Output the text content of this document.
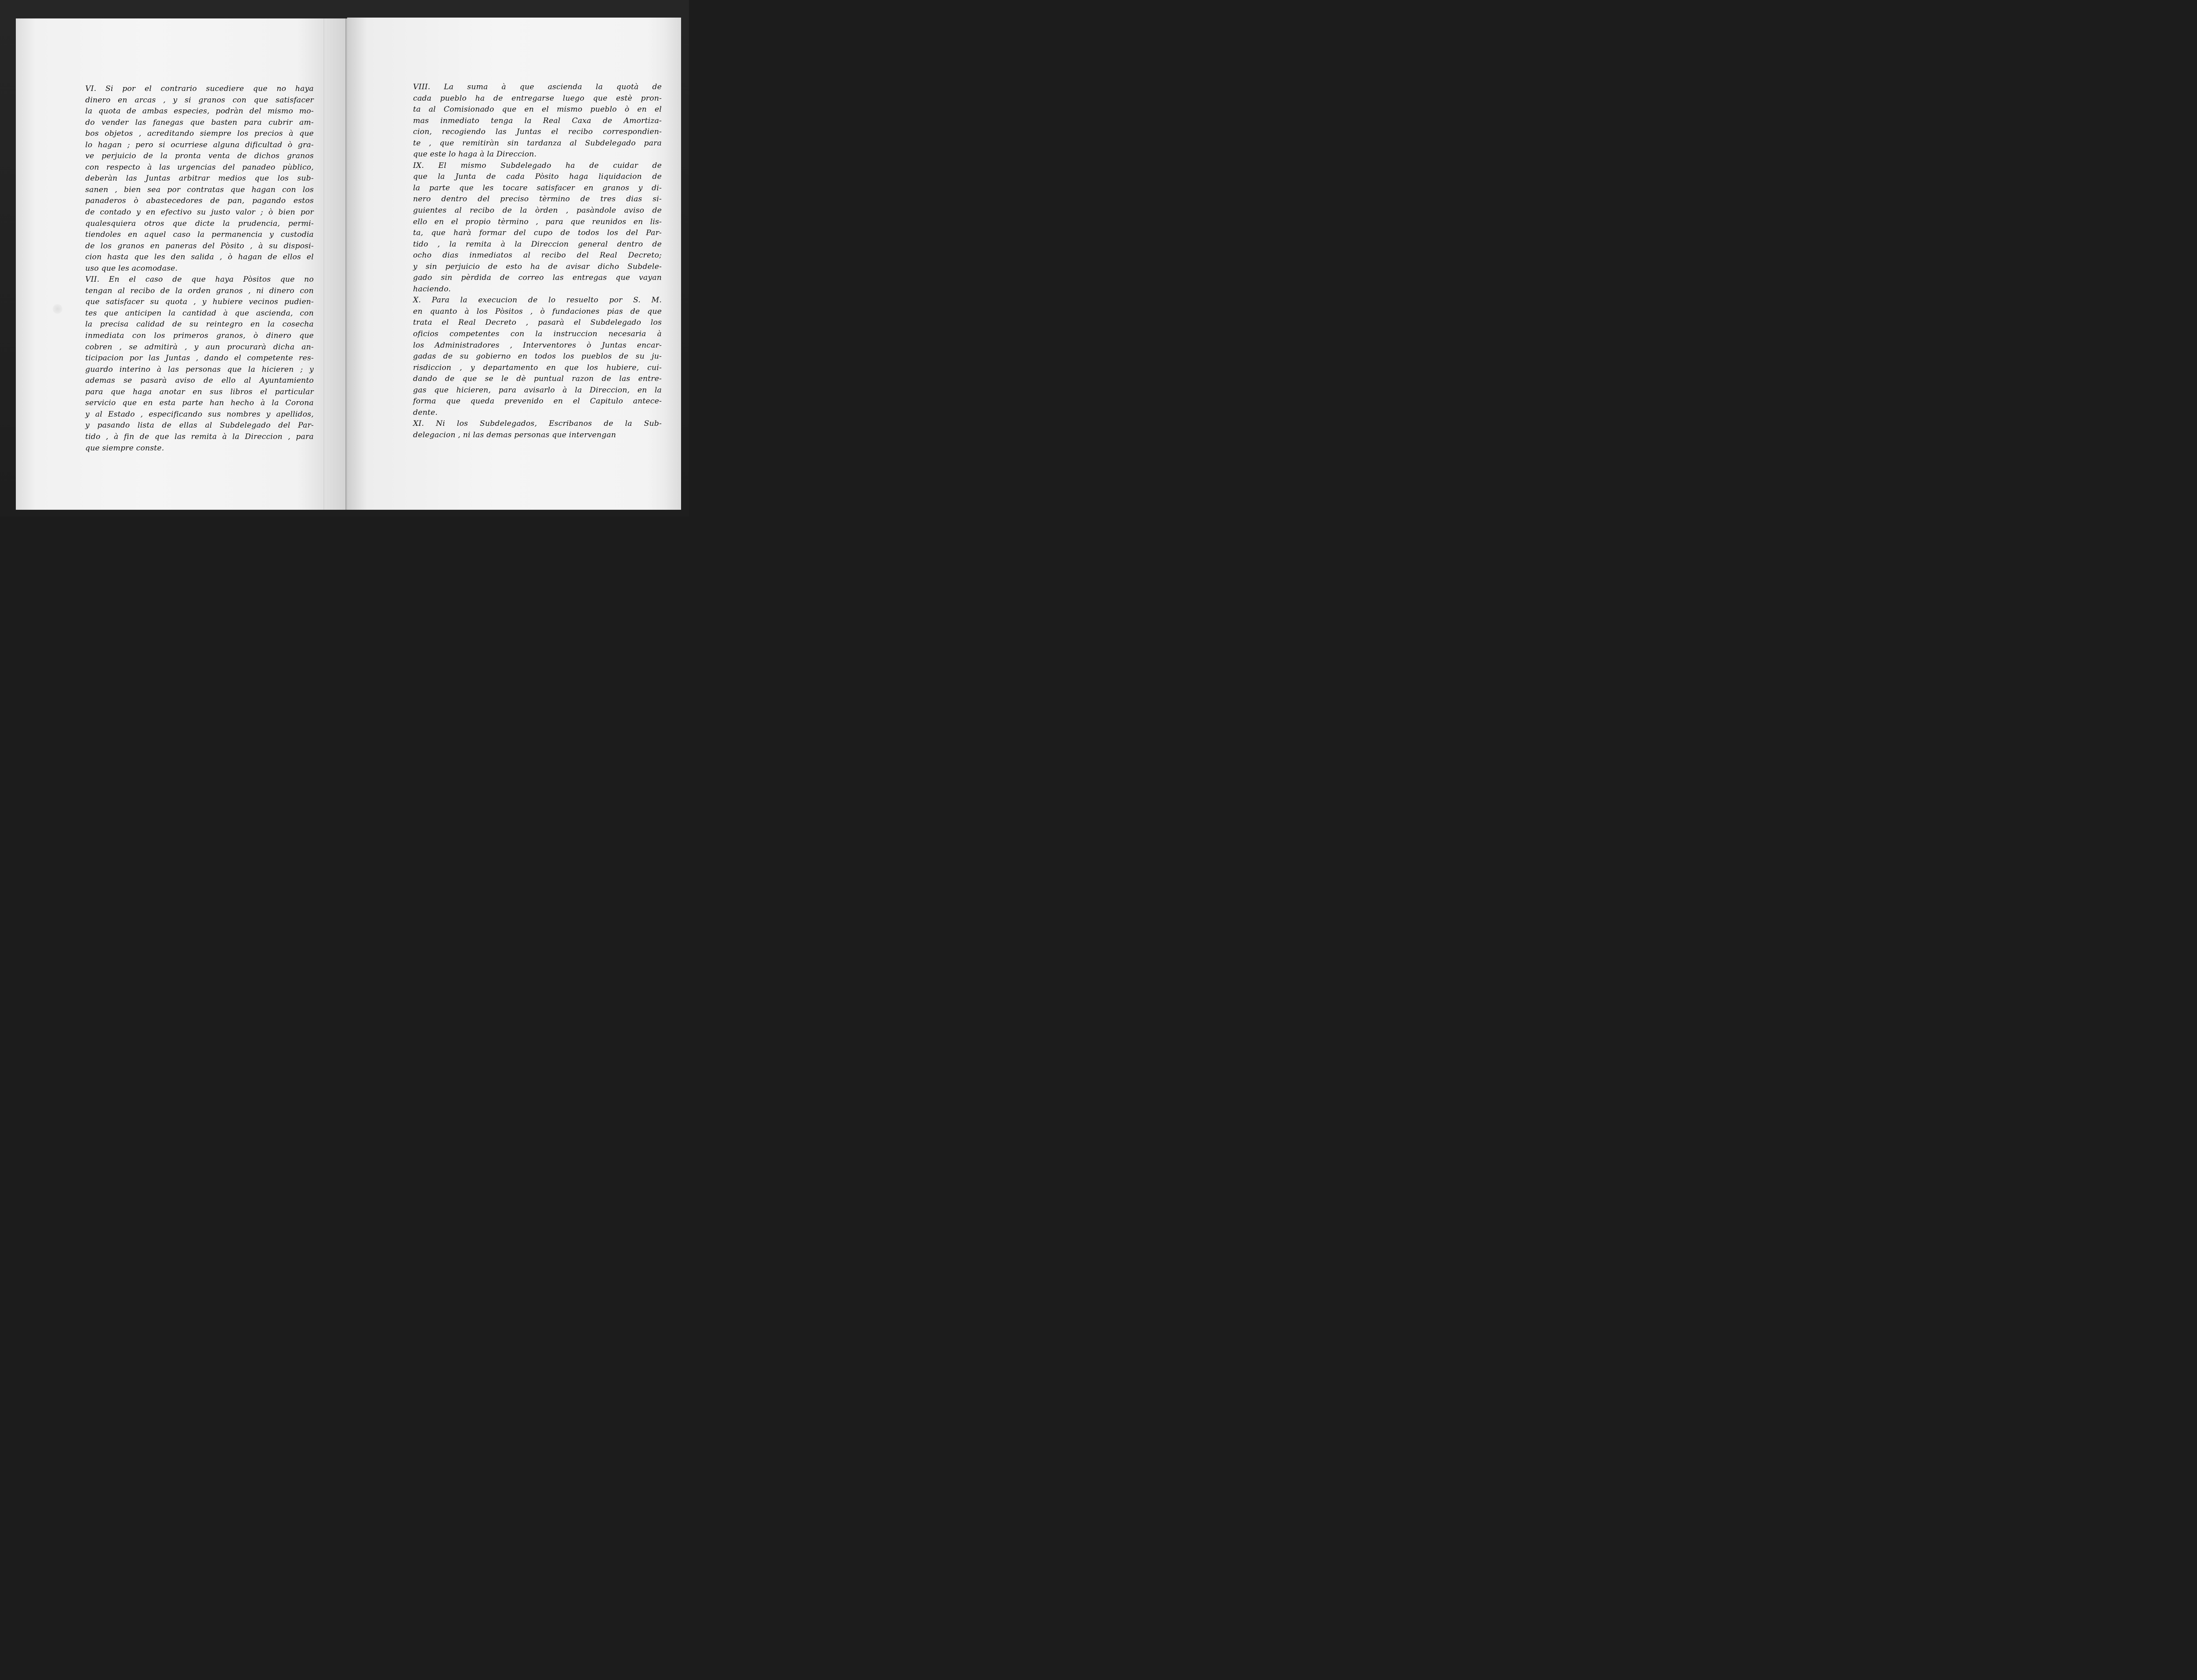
VI. Si por el contrario sucediere que no haya
dinero en arcas , y si granos con que satisfacer
la quota de ambas especies, podràn del mismo mo-
do vender las fanegas que basten para cubrir am-
bos objetos , acreditando siempre los precios à que
lo hagan ; pero si ocurriese alguna dificultad ò gra-
ve perjuicio de la pronta venta de dichos granos
con respecto à las urgencias del panadeo pùblico,
deberàn las Juntas arbitrar medios que los sub-
sanen , bien sea por contratas que hagan con los
panaderos ò abastecedores de pan, pagando estos
de contado y en efectivo su justo valor ; ò bien por
qualesquiera otros que dicte la prudencia, permi-
tiendoles en aquel caso la permanencia y custodia
de los granos en paneras del Pòsito , à su disposi-
cion hasta que les den salida , ò hagan de ellos el
uso que les acomodase.
VII. En el caso de que haya Pòsitos que no
tengan al recibo de la orden granos , ni dinero con
que satisfacer su quota , y hubiere vecinos pudien-
tes que anticipen la cantidad à que ascienda, con
la precisa calidad de su reintegro en la cosecha
inmediata con los primeros granos, ò dinero que
cobren , se admitirà , y aun procurarà dicha an-
ticipacion por las Juntas , dando el competente res-
guardo interino à las personas que la hicieren ; y
ademas se pasarà aviso de ello al Ayuntamiento
para que haga anotar en sus libros el particular
servicio que en esta parte han hecho à la Corona
y al Estado , especificando sus nombres y apellidos,
y pasando lista de ellas al Subdelegado del Par-
tido , à fin de que las remita à la Direccion , para
que siempre conste.
VIII. La suma à que ascienda la quotà de
cada pueblo ha de entregarse luego que estè pron-
ta al Comisionado que en el mismo pueblo ò en el
mas inmediato tenga la Real Caxa de Amortiza-
cion, recogiendo las Juntas el recibo correspondien-
te , que remitiràn sin tardanza al Subdelegado para
que este lo haga à la Direccion.
IX. El mismo Subdelegado ha de cuidar de
que la Junta de cada Pòsito haga liquidacion de
la parte que les tocare satisfacer en granos y di-
nero dentro del preciso tèrmino de tres dias si-
guientes al recibo de la òrden , pasàndole aviso de
ello en el propio tèrmino , para que reunidos en lis-
ta, que harà formar del cupo de todos los del Par-
tido , la remita à la Direccion general dentro de
ocho dias inmediatos al recibo del Real Decreto;
y sin perjuicio de esto ha de avisar dicho Subdele-
gado sin pèrdida de correo las entregas que vayan
haciendo.
X. Para la execucion de lo resuelto por S. M.
en quanto à los Pòsitos , ò fundaciones pias de que
trata el Real Decreto , pasarà el Subdelegado los
oficios competentes con la instruccion necesaria à
los Administradores , Interventores ò Juntas encar-
gadas de su gobierno en todos los pueblos de su ju-
risdiccion , y departamento en que los hubiere, cui-
dando de que se le dè puntual razon de las entre-
gas que hicieren, para avisarlo à la Direccion, en la
forma que queda prevenido en el Capitulo antece-
dente.
XI. Ni los Subdelegados, Escribanos de la Sub-
delegacion , ni las demas personas que intervengan
